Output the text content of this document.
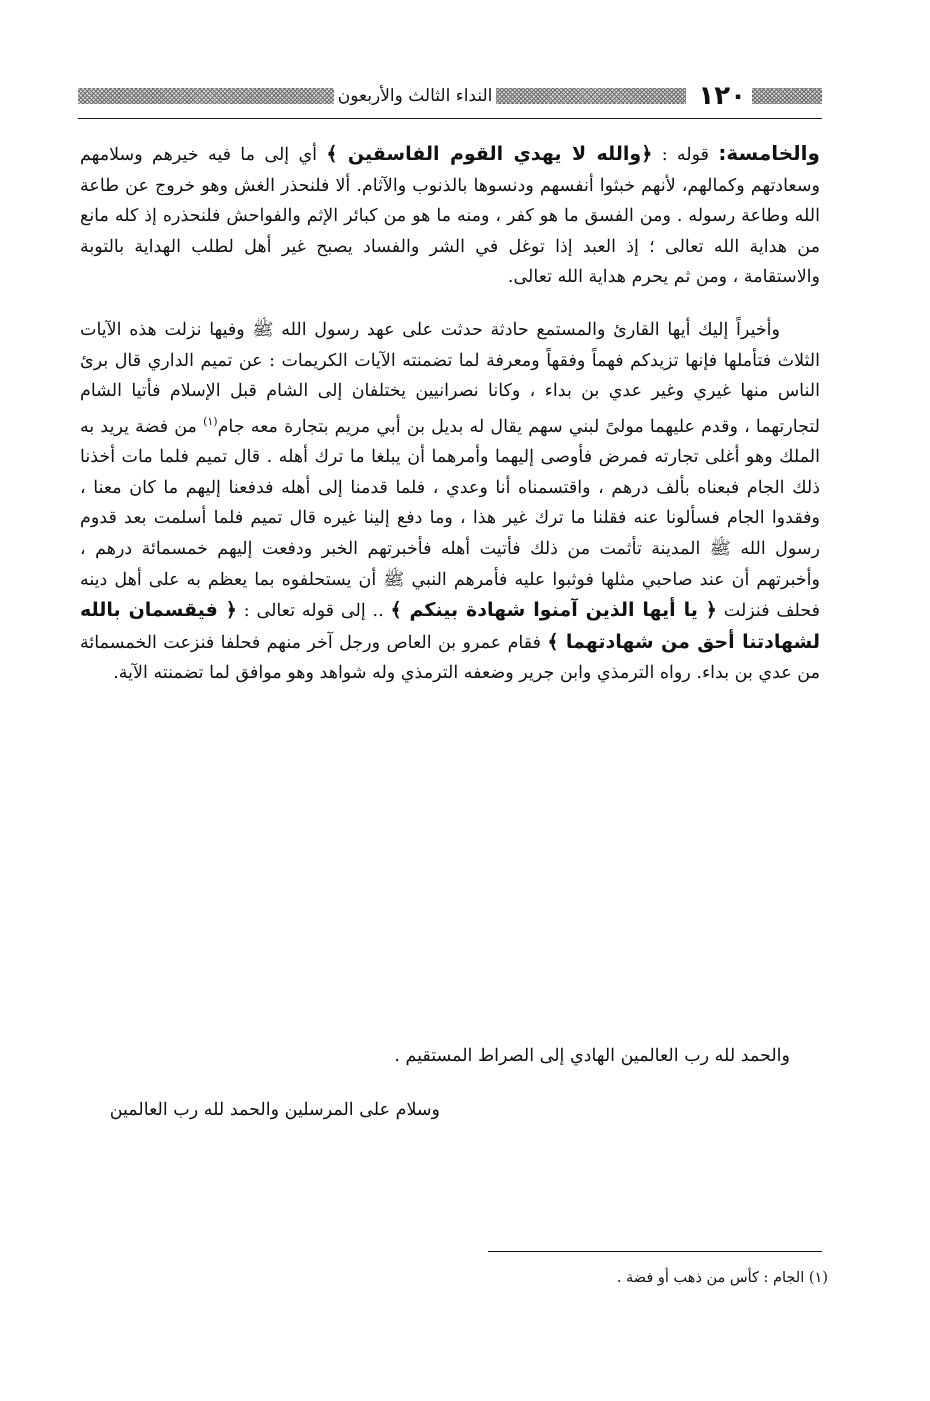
١٢٠
النداء الثالث والأربعون

والخامسة: قوله : ﴿والله لا يهدي القوم الفاسقين ﴾ أي إلى ما فيه خيرهم وسلامهم وسعادتهم وكمالهم، لأنهم خبثوا أنفسهم ودنسوها بالذنوب والآثام. ألا فلنحذر الغش وهو خروج عن طاعة الله وطاعة رسوله . ومن الفسق ما هو كفر ، ومنه ما هو من كبائر الإثم والفواحش فلنحذره إذ كله مانع من هداية الله تعالى ؛ إذ العبد إذا توغل في الشر والفساد يصبح غير أهل لطلب الهداية بالتوبة والاستقامة ، ومن ثم يحرم هداية الله تعالى.

وأخيراً إليك أيها القارئ والمستمع حادثة حدثت على عهد رسول الله ﷺ وفيها نزلت هذه الآيات الثلاث فتأملها فإنها تزيدكم فهماً وفقهاً ومعرفة لما تضمنته الآيات الكريمات : عن تميم الداري قال برئ الناس منها غيري وغير عدي بن بداء ، وكانا نصرانيين يختلفان إلى الشام قبل الإسلام فأتيا الشام لتجارتهما ، وقدم عليهما مولىً لبني سهم يقال له بديل بن أبي مريم بتجارة معه جام$^{(١)}$ من فضة يريد به الملك وهو أغلى تجارته فمرض فأوصى إليهما وأمرهما أن يبلغا ما ترك أهله . قال تميم فلما مات أخذنا ذلك الجام فبعناه بألف درهم ، واقتسمناه أنا وعدي ، فلما قدمنا إلى أهله فدفعنا إليهم ما كان معنا ، وفقدوا الجام فسألونا عنه فقلنا ما ترك غير هذا ، وما دفع إلينا غيره قال تميم فلما أسلمت بعد قدوم رسول الله ﷺ المدينة تأثمت من ذلك فأتيت أهله فأخبرتهم الخبر ودفعت إليهم خمسمائة درهم ، وأخبرتهم أن عند صاحبي مثلها فوثبوا عليه فأمرهم النبي ﷺ أن يستحلفوه بما يعظم به على أهل دينه فحلف فنزلت ﴿ يا أيها الذين آمنوا شهادة بينكم ﴾ .. إلى قوله تعالى : ﴿ فيقسمان بالله لشهادتنا أحق من شهادتهما ﴾ فقام عمرو بن العاص ورجل آخر منهم فحلفا فنزعت الخمسمائة من عدي بن بداء. رواه الترمذي وابن جرير وضعفه الترمذي وله شواهد وهو موافق لما تضمنته الآية.

والحمد لله رب العالمين الهادي إلى الصراط المستقيم .
وسلام على المرسلين والحمد لله رب العالمين
(١) الجام : كأس من ذهب أو فضة .
